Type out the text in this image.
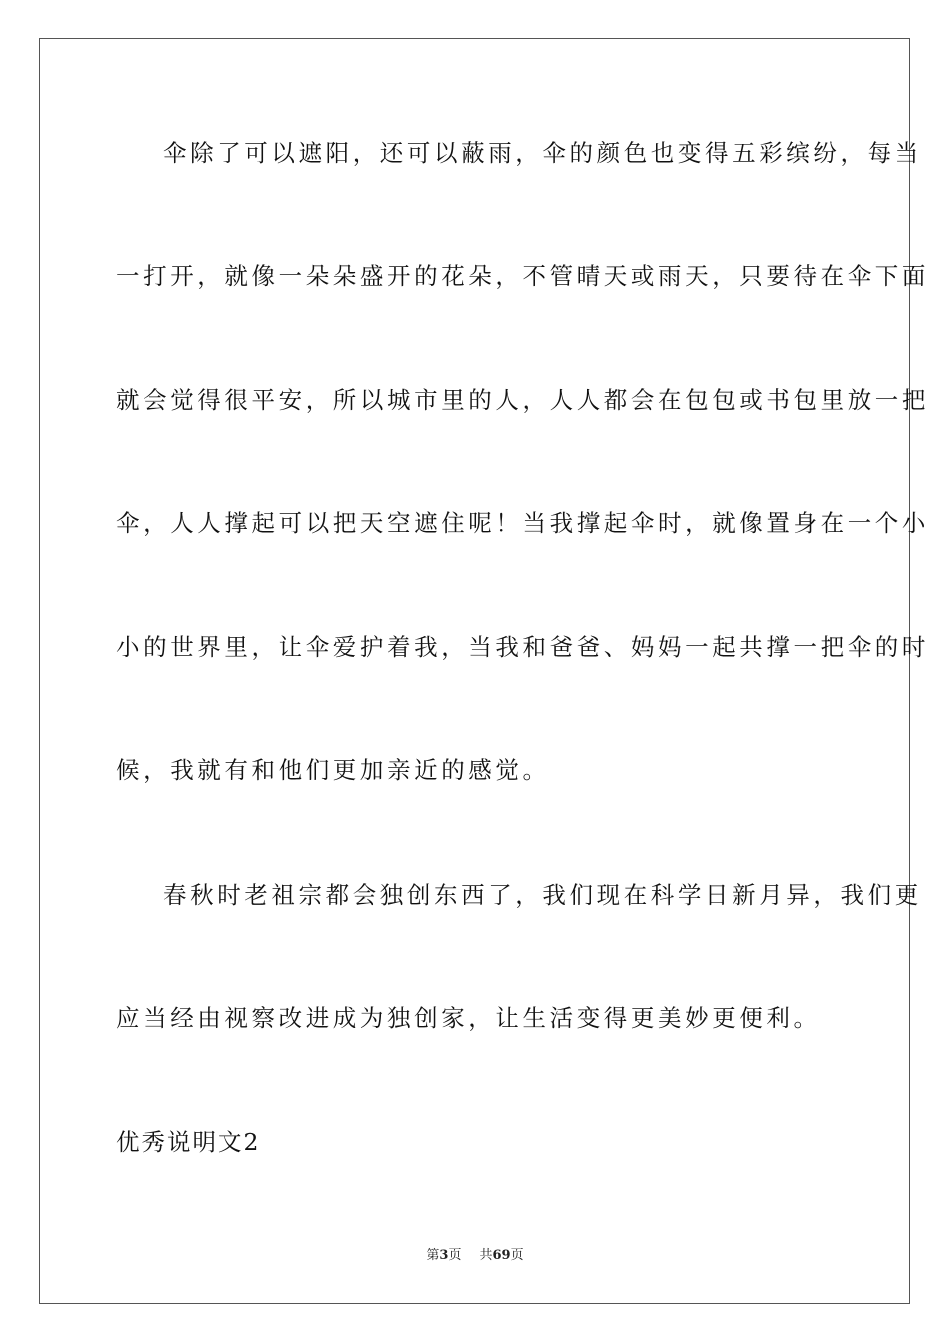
伞除了可以遮阳，还可以蔽雨，伞的颜色也变得五彩缤纷，每当
一打开，就像一朵朵盛开的花朵，不管晴天或雨天，只要待在伞下面
就会觉得很平安，所以城市里的人，人人都会在包包或书包里放一把
伞，人人撑起可以把天空遮住呢！当我撑起伞时，就像置身在一个小
小的世界里，让伞爱护着我，当我和爸爸、妈妈一起共撑一把伞的时
候，我就有和他们更加亲近的感觉。
春秋时老祖宗都会独创东西了，我们现在科学日新月异，我们更
应当经由视察改进成为独创家，让生活变得更美妙更便利。
优秀说明文2
第3页 共69页
